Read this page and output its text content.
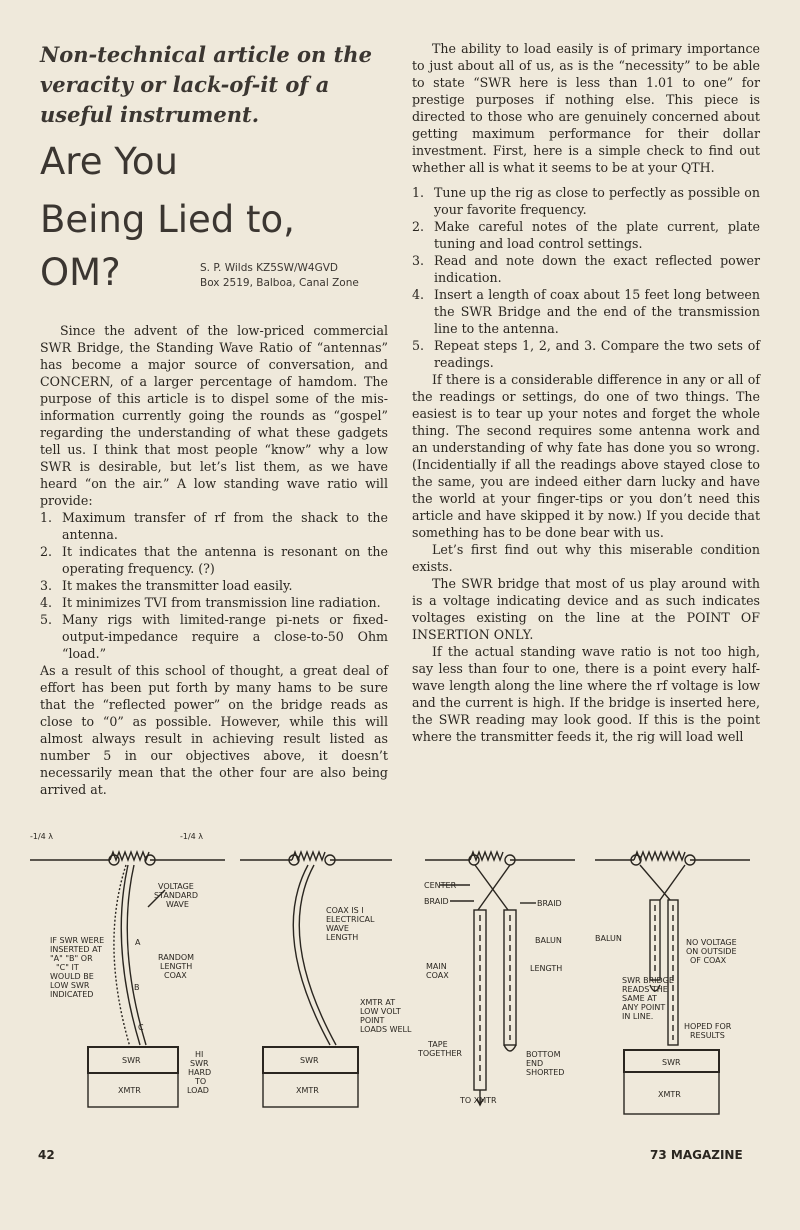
Non-technical article on the veracity or lack-of-it of a useful instrument.
Are You
Being Lied to,
OM?	S. P. Wilds KZ5SW/W4GVD
Box 2519, Balboa, Canal Zone

Since the advent of the low-priced commercial SWR Bridge, the Standing Wave Ratio of “antennas” has become a major source of conversation, and CONCERN, of a larger percentage of hamdom. The purpose of this article is to dispel some of the mis-information currently going the rounds as “gospel” regarding the understanding of what these gadgets tell us. I think that most people “know” why a low SWR is desirable, but let’s list them, as we have heard “on the air.” A low standing wave ratio will provide:

1. Maximum transfer of rf from the shack to the antenna.
2. It indicates that the antenna is resonant on the operating frequency. (?)
3. It makes the transmitter load easily.
4. It minimizes TVI from transmission line radiation.
5. Many rigs with limited-range pi-nets or fixed-output-impedance require a close-to-50 Ohm “load.”

As a result of this school of thought, a great deal of effort has been put forth by many hams to be sure that the “reflected power” on the bridge reads as close to “0” as possible. However, while this will almost always result in achieving result listed as number 5 in our objectives above, it doesn’t necessarily mean that the other four are also being arrived at.

The ability to load easily is of primary importance to just about all of us, as is the “necessity” to be able to state “SWR here is less than 1.01 to one” for prestige purposes if nothing else. This piece is directed to those who are genuinely concerned about getting maximum performance for their dollar investment. First, here is a simple check to find out whether all is what it seems to be at your QTH.

1. Tune up the rig as close to perfectly as possible on your favorite frequency.
2. Make careful notes of the plate current, plate tuning and load control settings.
3. Read and note down the exact reflected power indication.
4. Insert a length of coax about 15 feet long between the SWR Bridge and the end of the transmission line to the antenna.
5. Repeat steps 1, 2, and 3. Compare the two sets of readings.

If there is a considerable difference in any or all of the readings or settings, do one of two things. The easiest is to tear up your notes and forget the whole thing. The second requires some antenna work and an understanding of why fate has done you so wrong. (Incidentially if all the readings above stayed close to the same, you are indeed either darn lucky and have the world at your finger-tips or you don’t need this article and have skipped it by now.) If you decide that something has to be done bear with us.

Let’s first find out why this miserable condition exists.

The SWR bridge that most of us play around with is a voltage indicating device and as such indicates voltages existing on the line at the POINT OF INSERTION ONLY.

If the actual standing wave ratio is not too high, say less than four to one, there is a point every half-wave length along the line where the rf voltage is low and the current is high. If the bridge is inserted here, the SWR reading may look good. If this is the point where the transmitter feeds it, the rig will load well

-1/4 λ	-1/4 λ
VOLTAGE
STANDARD
WAVE
IF SWR WERE
INSERTED AT
"A" "B" OR
"C" IT
WOULD BE
LOW SWR
INDICATED
A
B
C
RANDOM
LENGTH
COAX
HI
SWR
HARD
TO
LOAD
SWR
XMTR
COAX IS I
ELECTRICAL
WAVE
LENGTH
XMTR AT
LOW VOLT
POINT
LOADS WELL
SWR
XMTR
CENTER
BRAID	BRAID
BALUN
MAIN
COAX
LENGTH
TAPE
TOGETHER	BOTTOM
END
SHORTED
TO XMTR
BALUN	NO VOLTAGE
ON OUTSIDE
OF COAX
SWR BRIDGE
READS THE
SAME AT
ANY POINT
IN LINE.
HOPED FOR
RESULTS
SWR
XMTR
42	73 MAGAZINE
